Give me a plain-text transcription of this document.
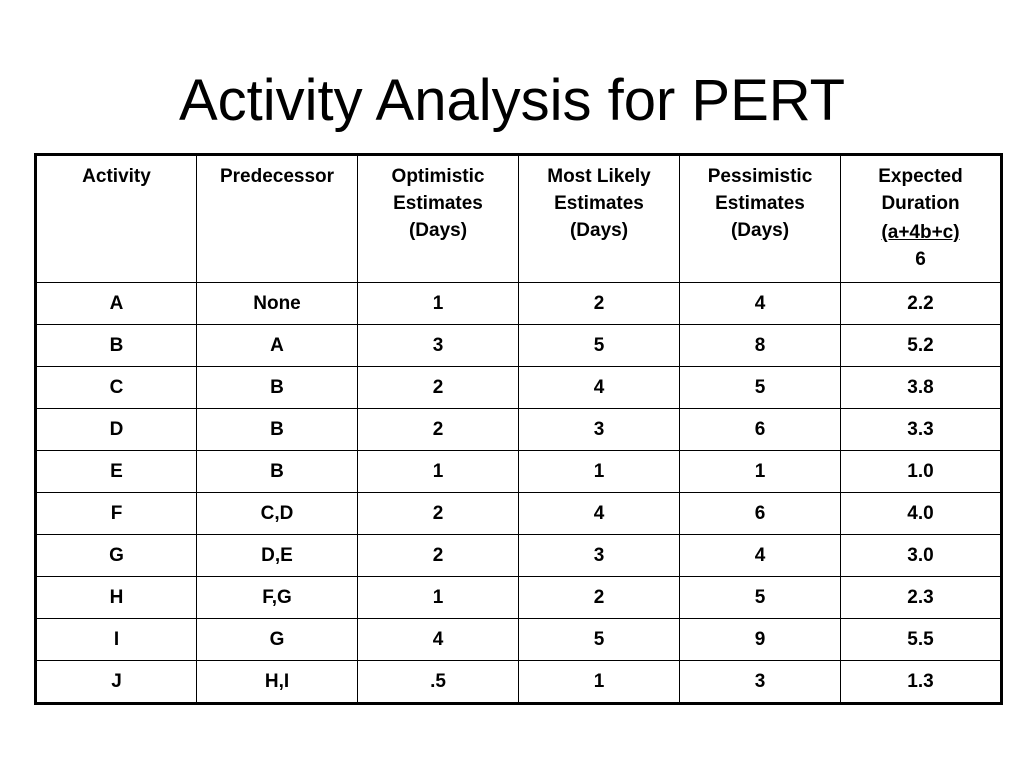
Activity Analysis for PERT
Activity	Predecessor	Optimistic
Estimates
(Days)	Most Likely
Estimates
(Days)	Pessimistic
Estimates
(Days)	Expected
Duration
(a+4b+c)
6

A	None	1	2	4	2.2
B	A	3	5	8	5.2
C	B	2	4	5	3.8
D	B	2	3	6	3.3
E	B	1	1	1	1.0
F	C,D	2	4	6	4.0
G	D,E	2	3	4	3.0
H	F,G	1	2	5	2.3
I	G	4	5	9	5.5
J	H,I	.5	1	3	1.3
